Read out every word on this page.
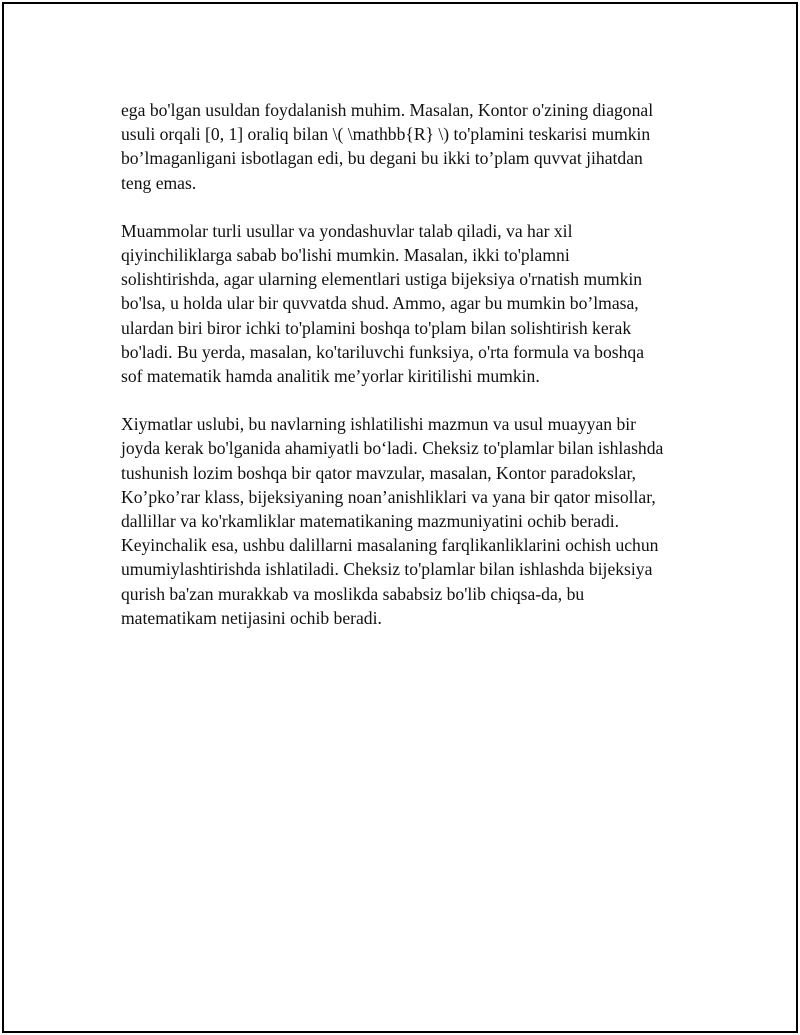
ega bo'lgan usuldan foydalanish muhim. Masalan, Kontor o'zining diagonal
usuli orqali [0, 1] oraliq bilan \( \mathbb{R} \) to'plamini teskarisi mumkin
bo’lmaganligani isbotlagan edi, bu degani bu ikki to’plam quvvat jihatdan
teng emas.

Muammolar turli usullar va yondashuvlar talab qiladi, va har xil
qiyinchiliklarga sabab bo'lishi mumkin. Masalan, ikki to'plamni
solishtirishda, agar ularning elementlari ustiga bijeksiya o'rnatish mumkin
bo'lsa, u holda ular bir quvvatda shud. Ammo, agar bu mumkin bo’lmasa,
ulardan biri biror ichki to'plamini boshqa to'plam bilan solishtirish kerak
bo'ladi. Bu yerda, masalan, ko'tariluvchi funksiya, o'rta formula va boshqa
sof matematik hamda analitik me’yorlar kiritilishi mumkin.

Xiymatlar uslubi, bu navlarning ishlatilishi mazmun va usul muayyan bir
joyda kerak bo'lganida ahamiyatli bo‘ladi. Cheksiz to'plamlar bilan ishlashda
tushunish lozim boshqa bir qator mavzular, masalan, Kontor paradokslar,
Ko’pko’rar klass, bijeksiyaning noan’anishliklari va yana bir qator misollar,
dallillar va ko'rkamliklar matematikaning mazmuniyatini ochib beradi.
Keyinchalik esa, ushbu dalillarni masalaning farqlikanliklarini ochish uchun
umumiylashtirishda ishlatiladi. Cheksiz to'plamlar bilan ishlashda bijeksiya
qurish ba'zan murakkab va moslikda sababsiz bo'lib chiqsa-da, bu
matematikam netijasini ochib beradi.
